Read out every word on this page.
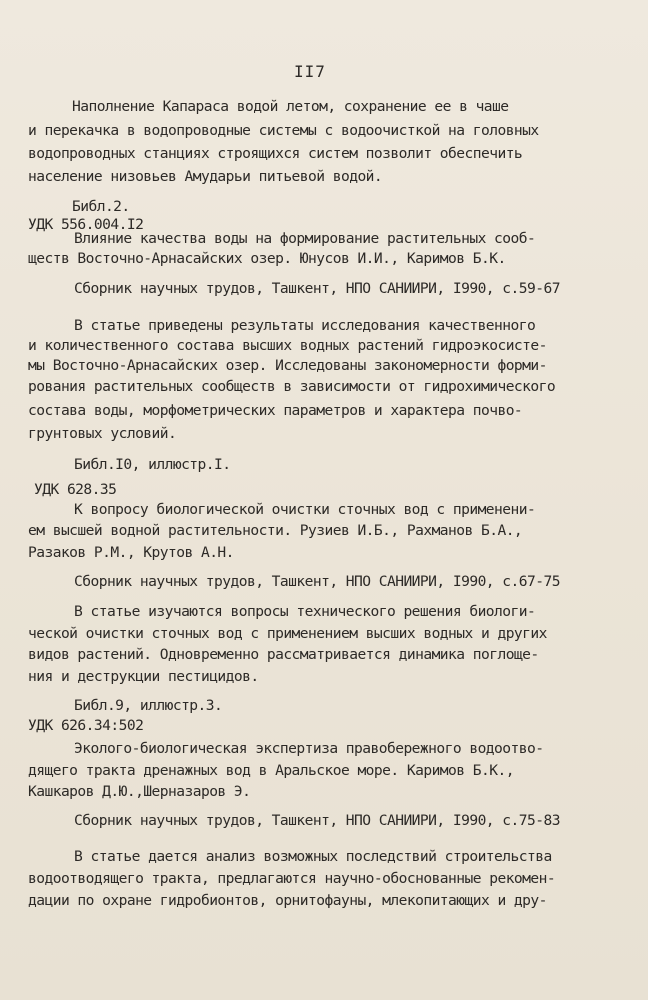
II7
Наполнение Капараса водой летом, сохранение ее в чаше
и перекачка в водопроводные системы с водоочисткой на головных
водопроводных станциях строящихся систем позволит обеспечить
население низовьев Амударьи питьевой водой.
Библ.2.
УДК 556.004.I2
Влияние качества воды на формирование растительных сооб-
ществ Восточно-Арнасайских озер. Юнусов И.И., Каримов Б.К.
Сборник научных трудов, Ташкент, НПО САНИИРИ, I990, с.59-67
В статье приведены результаты исследования качественного
и количественного состава высших водных растений гидроэкосисте-
мы Восточно-Арнасайских озер. Исследованы закономерности форми-
рования растительных сообществ в зависимости от гидрохимического
состава воды, морфометрических параметров и характера почвo-
грунтовых условий.
Библ.I0, иллюстр.I.
УДК 628.35
К вопросу биологической очистки сточных вод с применени-
ем высшей водной растительности. Рузиев И.Б., Рахманов Б.А.,
Разаков Р.М., Крутов А.Н.
Сборник научных трудов, Ташкент, НПО САНИИРИ, I990, с.67-75
В статье изучаются вопросы технического решения биологи-
ческой очистки сточных вод с применением высших водных и других
видов растений. Одновременно рассматривается динамика поглоще-
ния и деструкции пестицидов.
Библ.9, иллюстр.3.
УДК 626.34:502
Эколого-биологическая экспертиза правобережного водоотво-
дящего тракта дренажных вод в Аральское море. Каримов Б.К.,
Кашкаров Д.Ю.,Шерназаров Э.
Сборник научных трудов, Ташкент, НПО САНИИРИ, I990, с.75-83
В статье дается анализ возможных последствий строительства
водоотводящего тракта, предлагаются научно-обоснованные рекомен-
дации по охране гидробионтов, орнитофауны, млекопитающих и дру-
